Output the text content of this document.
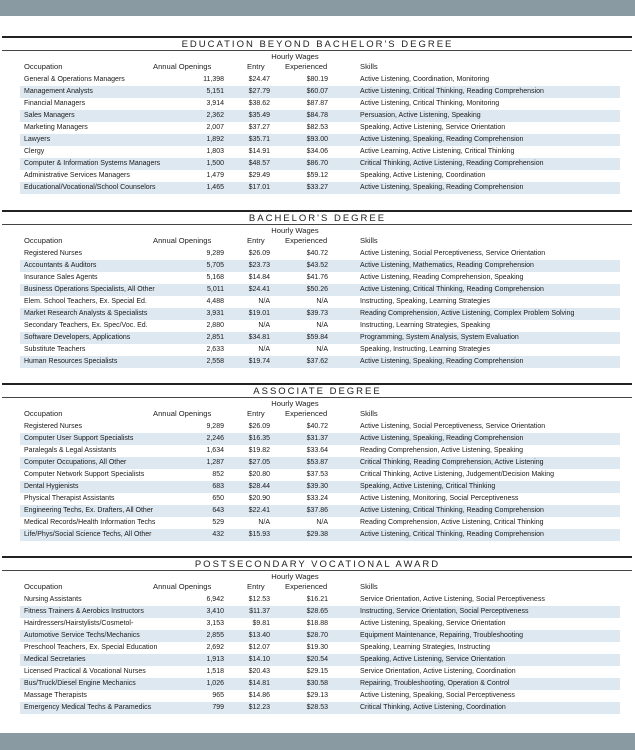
EDUCATION BEYOND BACHELOR'S DEGREE
Hourly Wages
Occupation	Annual Openings	Entry	Experienced	Skills
General & Operations Managers	11,398	$24.47	$80.19	Active Listening, Coordination, Monitoring
Management Analysts	5,151	$27.79	$60.07	Active Listening, Critical Thinking, Reading Comprehension
Financial Managers	3,914	$38.62	$87.87	Active Listening, Critical Thinking, Monitoring
Sales Managers	2,362	$35.49	$84.78	Persuasion, Active Listening, Speaking
Marketing Managers	2,007	$37.27	$82.53	Speaking, Active Listening, Service Orientation
Lawyers	1,892	$35.71	$93.00	Active Listening, Speaking, Reading Comprehension
Clergy	1,803	$14.91	$34.06	Active Learning, Active Listening, Critical Thinking
Computer & Information Systems Managers	1,500	$48.57	$86.70	Critical Thinking, Active Listening, Reading Comprehension
Administrative Services Managers	1,479	$29.49	$59.12	Speaking, Active Listening, Coordination
Educational/Vocational/School Counselors	1,465	$17.01	$33.27	Active Listening, Speaking, Reading Comprehension
BACHELOR'S DEGREE
Hourly Wages
Occupation	Annual Openings	Entry	Experienced	Skills
Registered Nurses	9,289	$26.09	$40.72	Active Listening, Social Perceptiveness, Service Orientation
Accountants & Auditors	5,705	$23.73	$43.52	Active Listening, Mathematics, Reading Comprehension
Insurance Sales Agents	5,168	$14.84	$41.76	Active Listening, Reading Comprehension, Speaking
Business Operations Specialists, All Other	5,011	$24.41	$50.26	Active Listening, Critical Thinking, Reading Comprehension
Elem. School Teachers, Ex. Special Ed.	4,488	N/A	N/A	Instructing, Speaking, Learning Strategies
Market Research Analysts & Specialists	3,931	$19.01	$39.73	Reading Comprehension, Active Listening, Complex Problem Solving
Secondary Teachers, Ex. Spec/Voc. Ed.	2,880	N/A	N/A	Instructing, Learning Strategies, Speaking
Software Developers, Applications	2,851	$34.81	$59.84	Programming, System Analysis, System Evaluation
Substitute Teachers	2,633	N/A	N/A	Speaking, Instructing, Learning Strategies
Human Resources Specialists	2,558	$19.74	$37.62	Active Listening, Speaking, Reading Comprehension
ASSOCIATE DEGREE
Hourly Wages
Occupation	Annual Openings	Entry	Experienced	Skills
Registered Nurses	9,289	$26.09	$40.72	Active Listening, Social Perceptiveness, Service Orientation
Computer User Support Specialists	2,246	$16.35	$31.37	Active Listening, Speaking, Reading Comprehension
Paralegals & Legal Assistants	1,634	$19.82	$33.64	Reading Comprehension, Active Listening, Speaking
Computer Occupations, All Other	1,287	$27.05	$53.87	Critical Thinking, Reading Comprehension, Active Listening
Computer Network Support Specialists	852	$20.80	$37.53	Critical Thinking, Active Listening, Judgement/Decision Making
Dental Hygienists	683	$28.44	$39.30	Speaking, Active Listening, Critical Thinking
Physical Therapist Assistants	650	$20.90	$33.24	Active Listening, Monitoring, Social Perceptiveness
Engineering Techs, Ex. Drafters, All Other	643	$22.41	$37.86	Active Listening, Critical Thinking, Reading Comprehension
Medical Records/Health Information Techs	529	N/A	N/A	Reading Comprehension, Active Listening, Critical Thinking
Life/Phys/Social Science Techs, All Other	432	$15.93	$29.38	Active Listening, Critical Thinking, Reading Comprehension
POSTSECONDARY VOCATIONAL AWARD
Hourly Wages
Occupation	Annual Openings	Entry	Experienced	Skills
Nursing Assistants	6,942	$12.53	$16.21	Service Orientation, Active Listening, Social Perceptiveness
Fitness Trainers & Aerobics Instructors	3,410	$11.37	$28.65	Instructing, Service Orientation, Social Perceptiveness
Hairdressers/Hairstylists/Cosmetol-	3,153	$9.81	$18.88	Active Listening, Speaking, Service Orientation
Automotive Service Techs/Mechanics	2,855	$13.40	$28.70	Equipment Maintenance, Repairing, Troubleshooting
Preschool Teachers, Ex. Special Education	2,692	$12.07	$19.30	Speaking, Learning Strategies, Instructing
Medical Secretaries	1,913	$14.10	$20.54	Speaking, Active Listening, Service Orientation
Licensed Practical & Vocational Nurses	1,518	$20.43	$29.15	Service Orientation, Active Listening, Coordination
Bus/Truck/Diesel Engine Mechanics	1,026	$14.81	$30.58	Repairing, Troubleshooting, Operation & Control
Massage Therapists	965	$14.86	$29.13	Active Listening, Speaking, Social Perceptiveness
Emergency Medical Techs & Paramedics	799	$12.23	$28.53	Critical Thinking, Active Listening, Coordination
